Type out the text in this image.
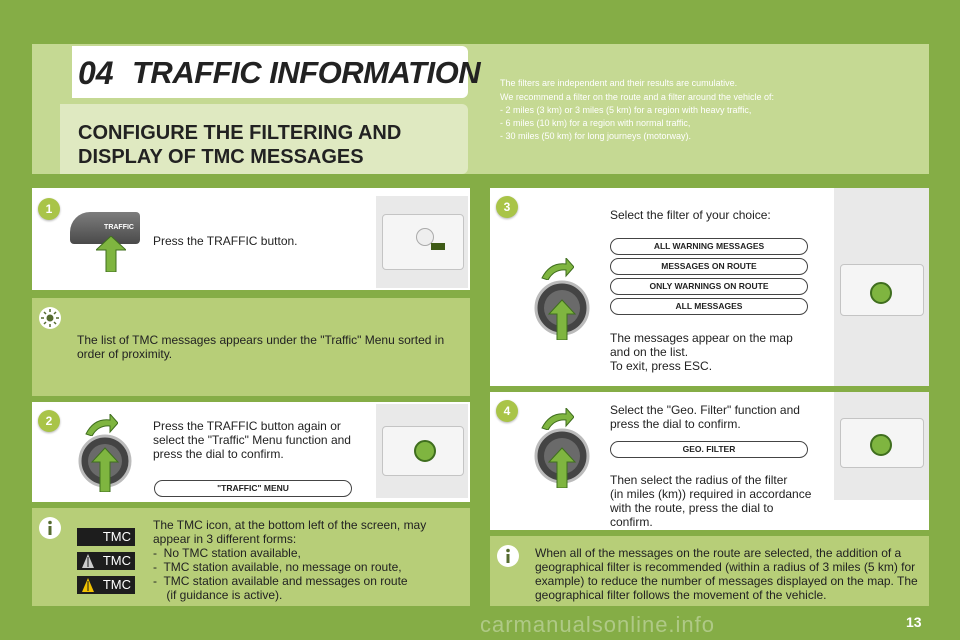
04 TRAFFIC INFORMATION
CONFIGURE THE FILTERING AND
DISPLAY OF TMC MESSAGES
The filters are independent and their results are cumulative.
We recommend a filter on the route and a filter around the vehicle of:
- 2 miles (3 km) or 3 miles (5 km) for a region with heavy traffic,
- 6 miles (10 km) for a region with normal traffic,
- 30 miles (50 km) for long journeys (motorway).
1
TRAFFIC
Press the TRAFFIC button.
The list of TMC messages appears under the "Traffic" Menu sorted in order of proximity.
2	Press the TRAFFIC button again or
select the "Traffic" Menu function and
press the dial to confirm.
"TRAFFIC" MENU
TMC
TMC
TMC
The TMC icon, at the bottom left of the screen, may
appear in 3 different forms:
-  No TMC station available,
-  TMC station available, no message on route,
-  TMC station available and messages on route
(if guidance is active).
3
Select the filter of your choice:
ALL WARNING MESSAGES
MESSAGES ON ROUTE
ONLY WARNINGS ON ROUTE
ALL MESSAGES
The messages appear on the map
and on the list.
To exit, press ESC.
4	Select the "Geo. Filter" function and
press the dial to confirm.
GEO. FILTER
Then select the radius of the filter
(in miles (km)) required in accordance
with the route, press the dial to
confirm.
When all of the messages on the route are selected, the addition of a geographical filter is recommended (within a radius of 3 miles (5 km) for example) to reduce the number of messages displayed on the map. The geographical filter follows the movement of the vehicle.
13
carmanualsonline.info
